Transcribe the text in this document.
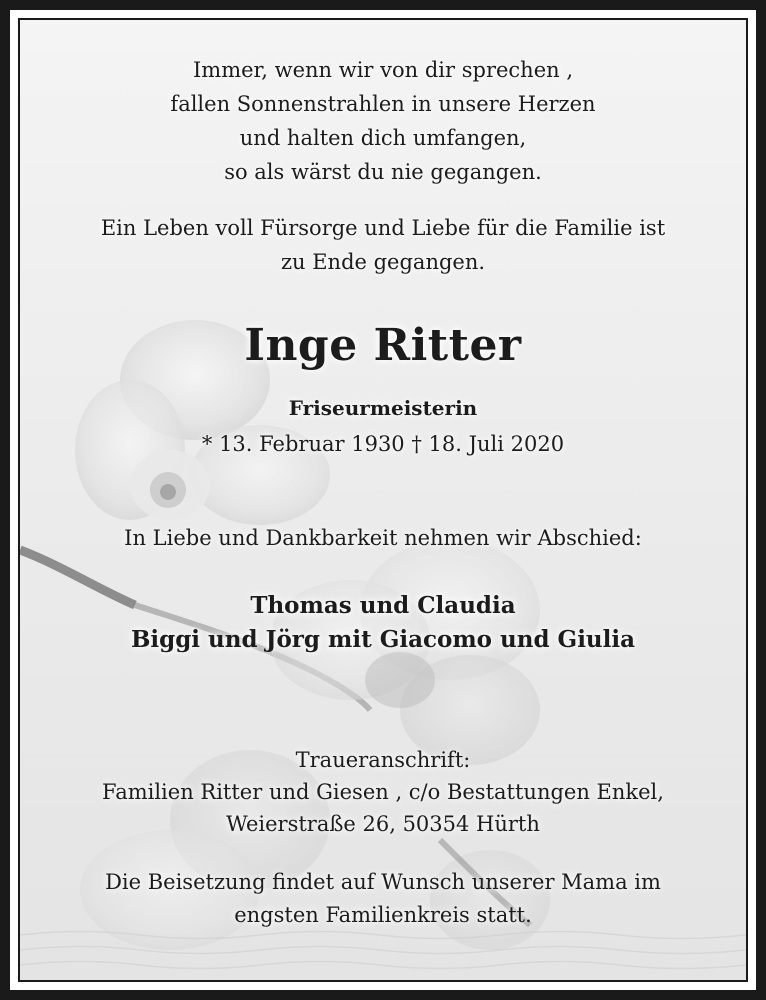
Immer, wenn wir von dir sprechen ,
fallen Sonnenstrahlen in unsere Herzen
und halten dich umfangen,
so als wärst du nie gegangen.
Ein Leben voll Fürsorge und Liebe für die Familie ist
zu Ende gegangen.
Inge Ritter
Friseurmeisterin
* 13. Februar 1930 † 18. Juli 2020
In Liebe und Dankbarkeit nehmen wir Abschied:
Thomas und Claudia
Biggi und Jörg mit Giacomo und Giulia
Traueranschrift:
Familien Ritter und Giesen , c/o Bestattungen Enkel,
Weierstraße 26, 50354 Hürth
Die Beisetzung findet auf Wunsch unserer Mama im
engsten Familienkreis statt.
